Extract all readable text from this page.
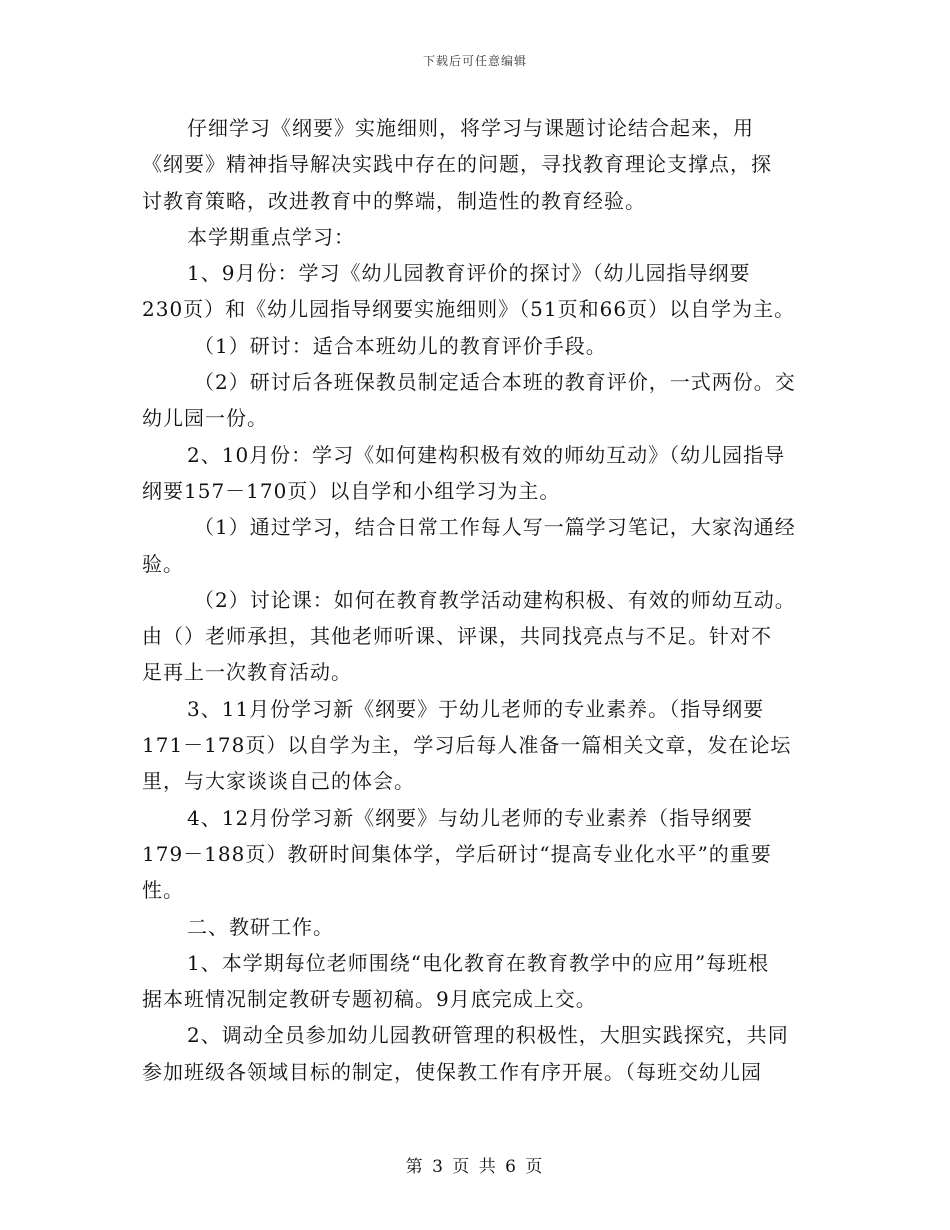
下载后可任意编辑
仔细学习《纲要》实施细则，将学习与课题讨论结合起来，用
《纲要》精神指导解决实践中存在的问题，寻找教育理论支撑点，探
讨教育策略，改进教育中的弊端，制造性的教育经验。
本学期重点学习：
1、9月份：学习《幼儿园教育评价的探讨》（幼儿园指导纲要
230页）和《幼儿园指导纲要实施细则》（51页和66页）以自学为主。
（1）研讨：适合本班幼儿的教育评价手段。
（2）研讨后各班保教员制定适合本班的教育评价，一式两份。交
幼儿园一份。
2、10月份：学习《如何建构积极有效的师幼互动》（幼儿园指导
纲要157－170页）以自学和小组学习为主。
（1）通过学习，结合日常工作每人写一篇学习笔记，大家沟通经
验。
（2）讨论课：如何在教育教学活动建构积极、有效的师幼互动。
由（）老师承担，其他老师听课、评课，共同找亮点与不足。针对不
足再上一次教育活动。
3、11月份学习新《纲要》于幼儿老师的专业素养。（指导纲要
171－178页）以自学为主，学习后每人准备一篇相关文章，发在论坛
里，与大家谈谈自己的体会。
4、12月份学习新《纲要》与幼儿老师的专业素养（指导纲要
179－188页）教研时间集体学，学后研讨“提高专业化水平”的重要
性。
二、教研工作。
1、本学期每位老师围绕“电化教育在教育教学中的应用”每班根
据本班情况制定教研专题初稿。9月底完成上交。
2、调动全员参加幼儿园教研管理的积极性，大胆实践探究，共同
参加班级各领域目标的制定，使保教工作有序开展。（每班交幼儿园
第 3 页 共 6 页
